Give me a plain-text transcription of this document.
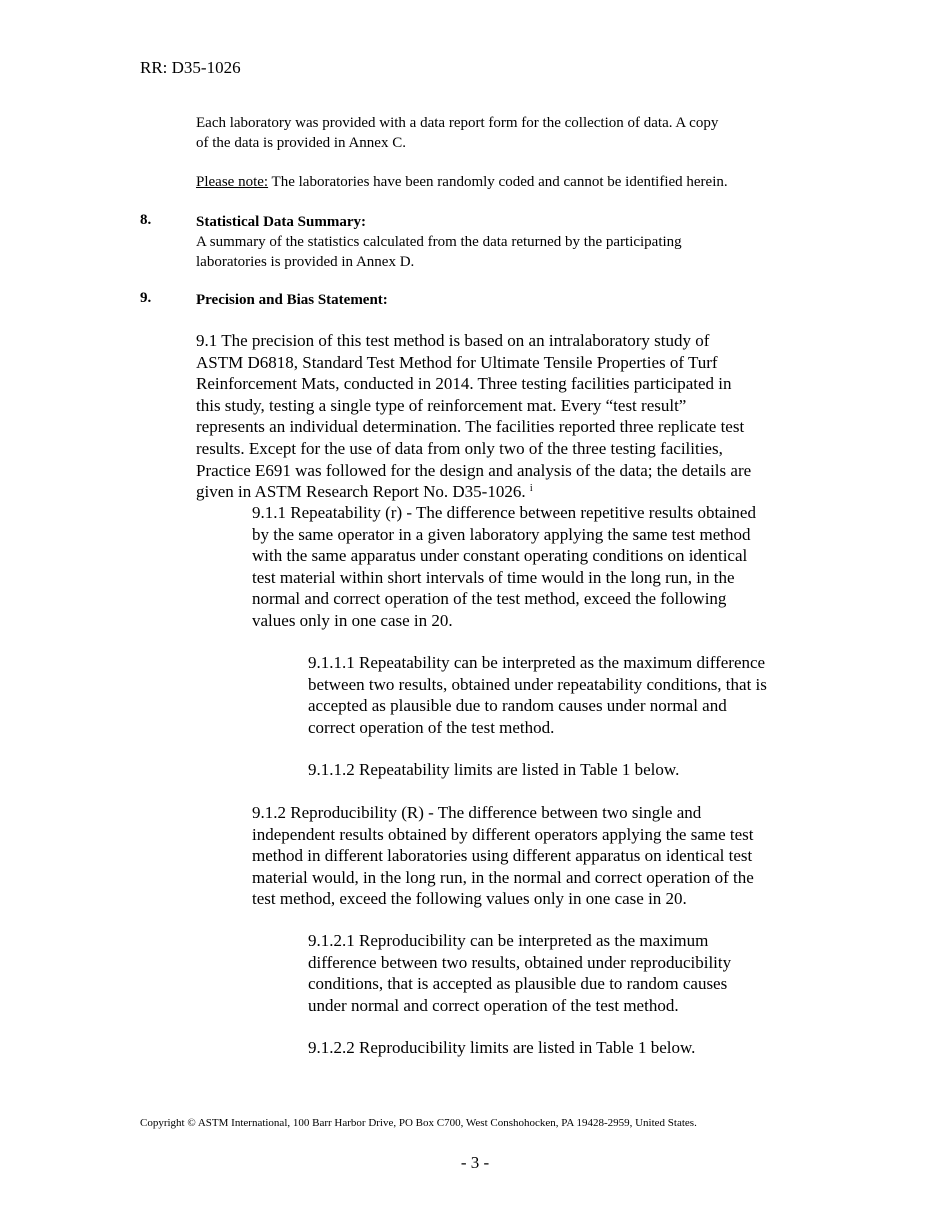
RR: D35-1026
Each laboratory was provided with a data report form for the collection of data. A copy
of the data is provided in Annex C.
Please note: The laboratories have been randomly coded and cannot be identified herein.
8.	Statistical Data Summary:
A summary of the statistics calculated from the data returned by the participating
laboratories is provided in Annex D.
9.	Precision and Bias Statement:
9.1 The precision of this test method is based on an intralaboratory study of
ASTM D6818, Standard Test Method for Ultimate Tensile Properties of Turf
Reinforcement Mats, conducted in 2014. Three testing facilities participated in
this study, testing a single type of reinforcement mat. Every “test result”
represents an individual determination. The facilities reported three replicate test
results. Except for the use of data from only two of the three testing facilities,
Practice E691 was followed for the design and analysis of the data; the details are
given in ASTM Research Report No. D35-1026. $^i$
9.1.1 Repeatability (r) - The difference between repetitive results obtained
by the same operator in a given laboratory applying the same test method
with the same apparatus under constant operating conditions on identical
test material within short intervals of time would in the long run, in the
normal and correct operation of the test method, exceed the following
values only in one case in 20.
9.1.1.1 Repeatability can be interpreted as the maximum difference
between two results, obtained under repeatability conditions, that is
accepted as plausible due to random causes under normal and
correct operation of the test method.
9.1.1.2 Repeatability limits are listed in Table 1 below.
9.1.2 Reproducibility (R) - The difference between two single and
independent results obtained by different operators applying the same test
method in different laboratories using different apparatus on identical test
material would, in the long run, in the normal and correct operation of the
test method, exceed the following values only in one case in 20.
9.1.2.1 Reproducibility can be interpreted as the maximum
difference between two results, obtained under reproducibility
conditions, that is accepted as plausible due to random causes
under normal and correct operation of the test method.
9.1.2.2 Reproducibility limits are listed in Table 1 below.
Copyright © ASTM International, 100 Barr Harbor Drive, PO Box C700, West Conshohocken, PA 19428-2959, United States.
- 3 -
